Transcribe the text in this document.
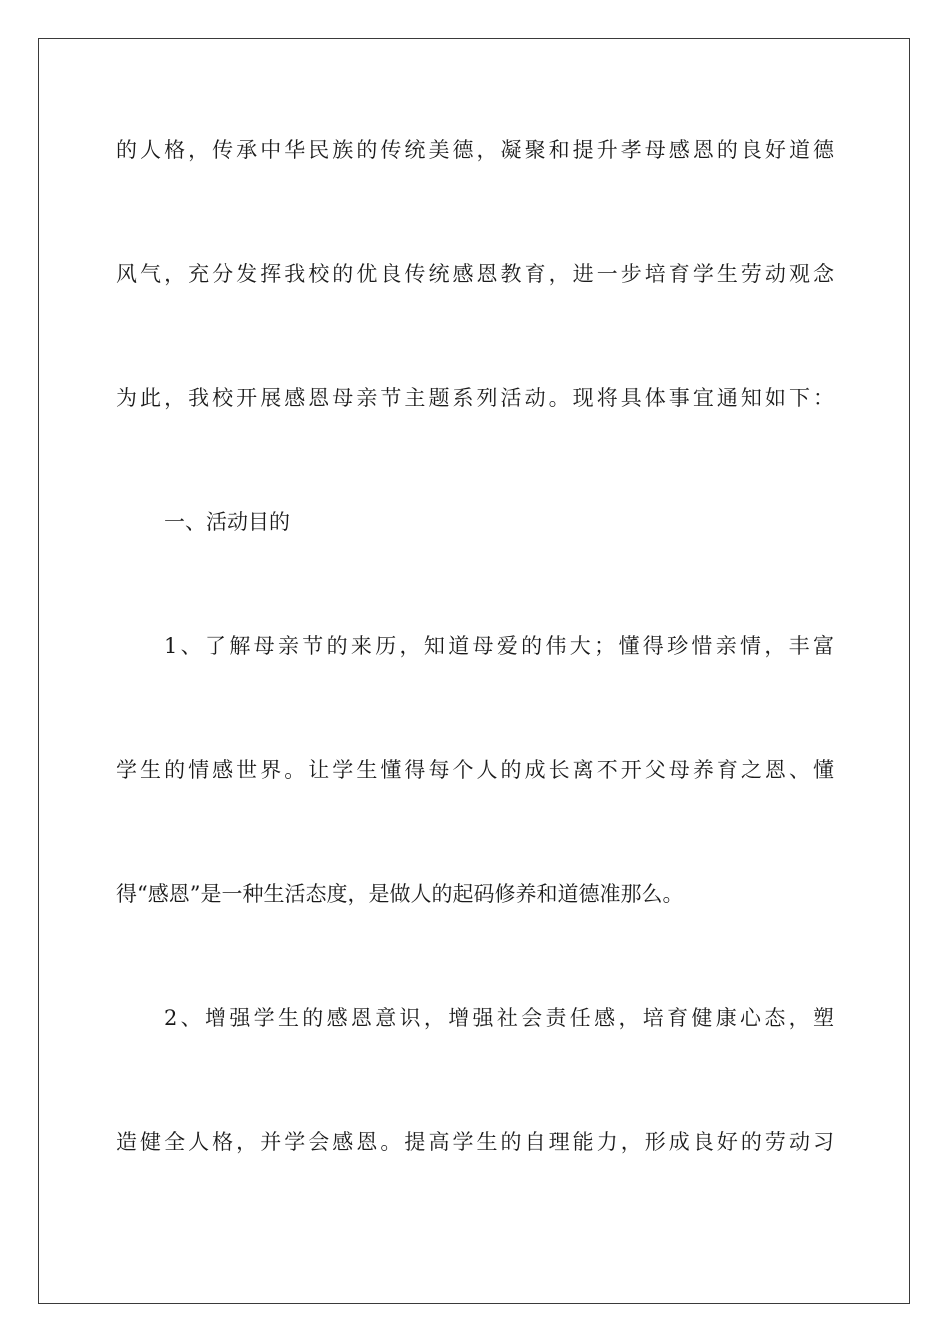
的人格，传承中华民族的传统美德，凝聚和提升孝母感恩的良好道德
风气，充分发挥我校的优良传统感恩教育，进一步培育学生劳动观念
为此，我校开展感恩母亲节主题系列活动。现将具体事宜通知如下：
一、活动目的
1、了解母亲节的来历，知道母爱的伟大；懂得珍惜亲情，丰富
学生的情感世界。让学生懂得每个人的成长离不开父母养育之恩、懂
得“感恩”是一种生活态度，是做人的起码修养和道德准那么。
2、增强学生的感恩意识，增强社会责任感，培育健康心态，塑
造健全人格，并学会感恩。提高学生的自理能力，形成良好的劳动习
